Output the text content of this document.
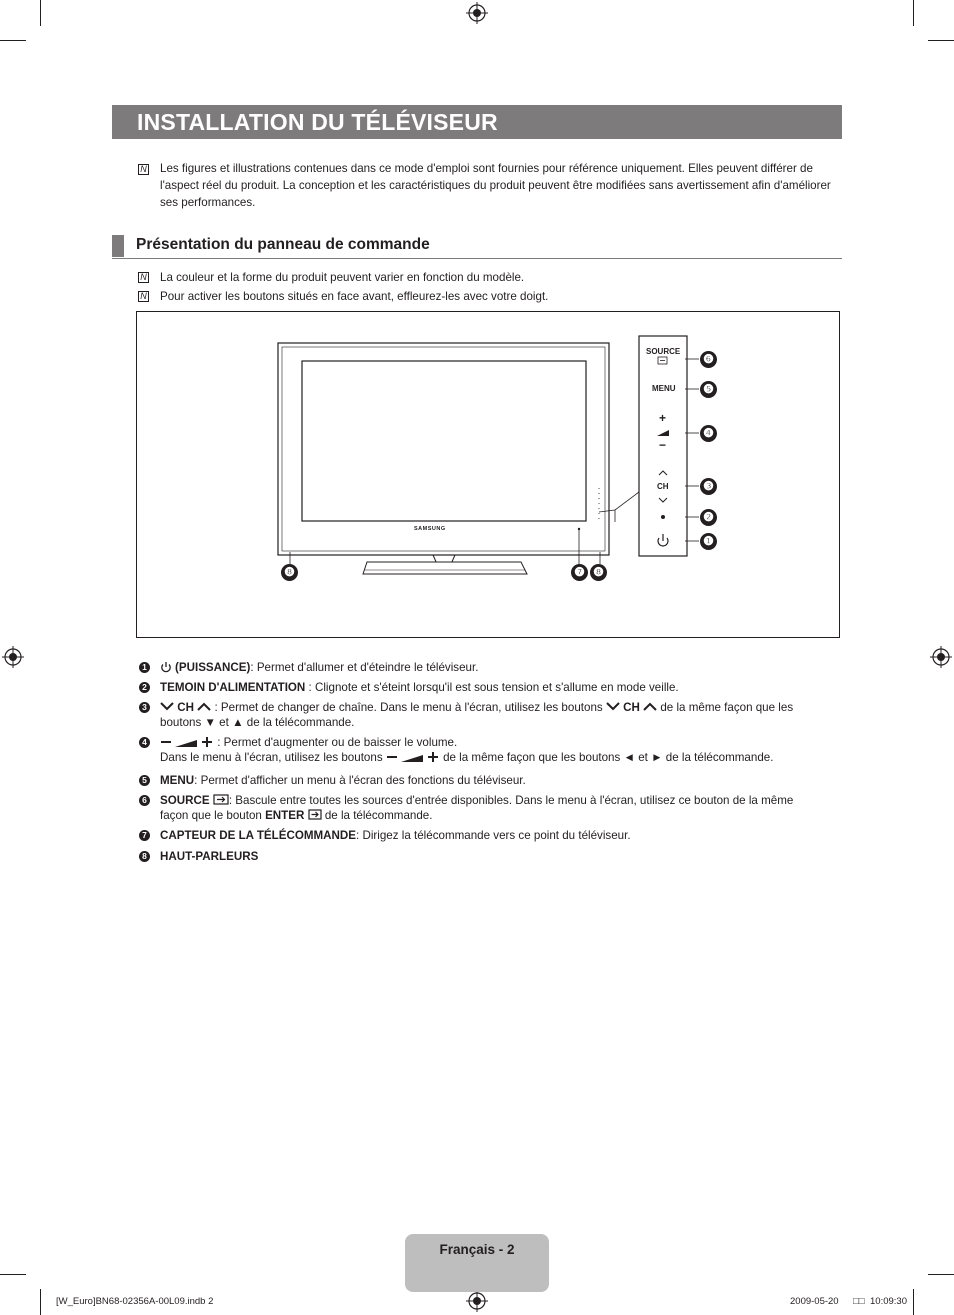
INSTALLATION DU TÉLÉVISEUR
N Les figures et illustrations contenues dans ce mode d'emploi sont fournies pour référence uniquement. Elles peuvent différer de l'aspect réel du produit. La conception et les caractéristiques du produit peuvent être modifiées sans avertissement afin d'améliorer ses performances.
Présentation du panneau de commande
N La couleur et la forme du produit peuvent varier en fonction du modèle.
N Pour activer les boutons situés en face avant, effleurez-les avec votre doigt.
SAMSUNG
SOURCE
MENU
+
−
CH
❻
❺
❹
❸
❷
❶
❽	❼ ❽
1	(PUISSANCE): Permet d'allumer et d'éteindre le téléviseur.
2 TEMOIN D'ALIMENTATION : Clignote et s'éteint lorsqu'il est sous tension et s'allume en mode veille.
3	CH  : Permet de changer de chaîne. Dans le menu à l'écran, utilisez les boutons  CH  de la même façon que les
boutons ▼ et ▲ de la télécommande.
4	: Permet d'augmenter ou de baisser le volume.
Dans le menu à l'écran, utilisez les boutons	de la même façon que les boutons ◄ et ► de la télécommande.
5 MENU: Permet d'afficher un menu à l'écran des fonctions du téléviseur.
6 SOURCE : Bascule entre toutes les sources d'entrée disponibles. Dans le menu à l'écran, utilisez ce bouton de la même
façon que le bouton ENTER  de la télécommande.
7 CAPTEUR DE LA TÉLÉCOMMANDE: Dirigez la télécommande vers ce point du téléviseur.
8 HAUT-PARLEURS
Français - 2
[W_Euro]BN68-02356A-00L09.indb 2	2009-05-20 □□ 10:09:30
